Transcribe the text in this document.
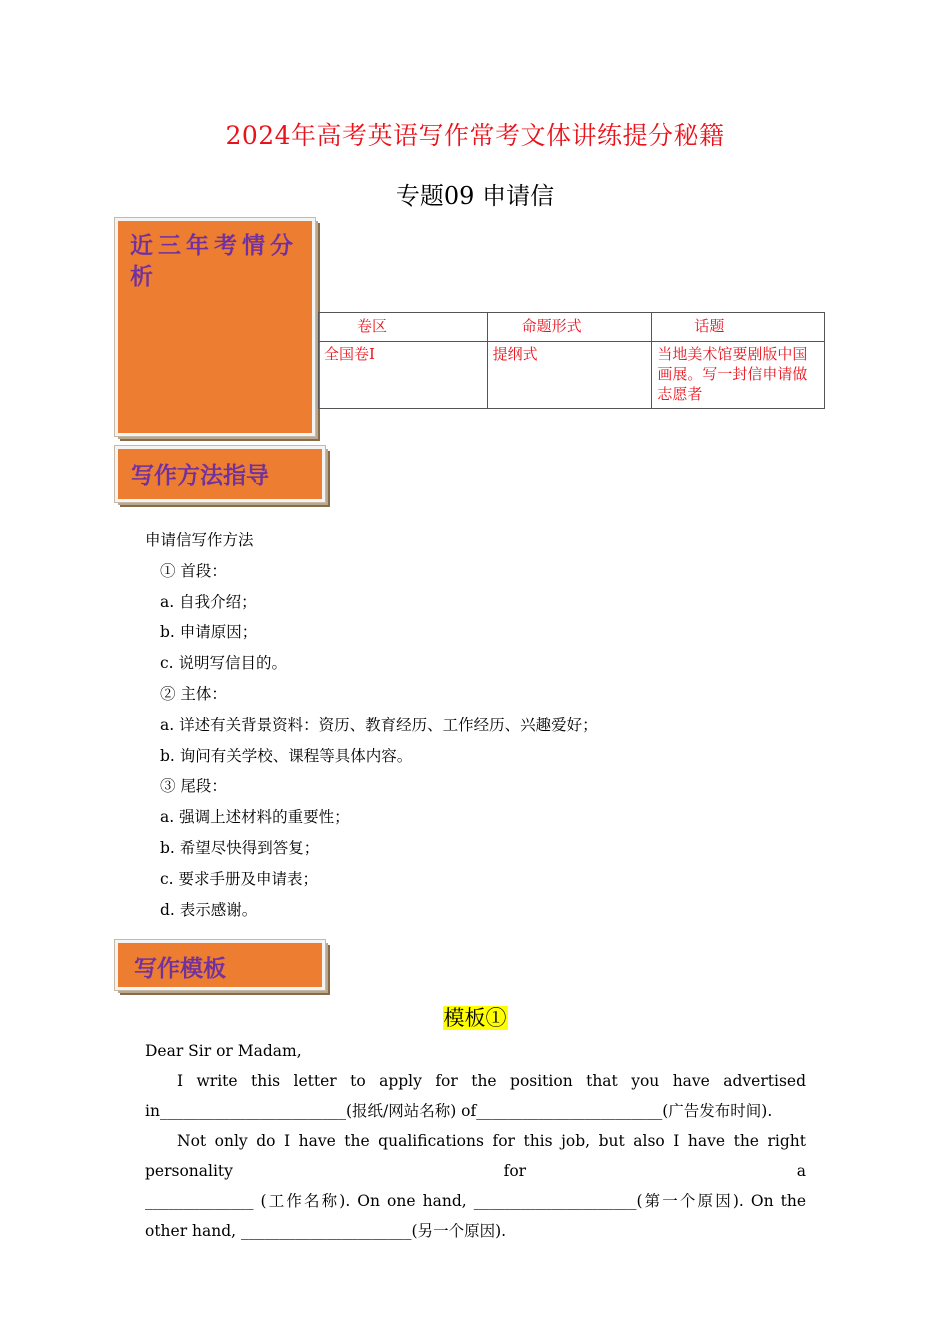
2024年高考英语写作常考文体讲练提分秘籍
专题09 申请信
近三年考情分析
卷区	命题形式	话题
全国卷I	提纲式	当地美术馆要剧版中国画展。写一封信申请做志愿者
写作方法指导
申请信写作方法
① 首段：
a. 自我介绍；
b. 申请原因；
c. 说明写信目的。
② 主体：
a. 详述有关背景资料：资历、教育经历、工作经历、兴趣爱好；
b. 询问有关学校、课程等具体内容。
③ 尾段：
a. 强调上述材料的重要性；
b. 希望尽快得到答复；
c. 要求手册及申请表；
d. 表示感谢。
写作模板
模板①

Dear Sir or Madam,

I write this letter to apply for the position that you have advertised

in________________________(报纸/网站名称) of________________________(广告发布时间).

Not only do I have the qualifications for this job, but also I have the right personality for a

______________ (工作名称). On one hand, _____________________(第一个原因). On the

other hand, ______________________(另一个原因).
